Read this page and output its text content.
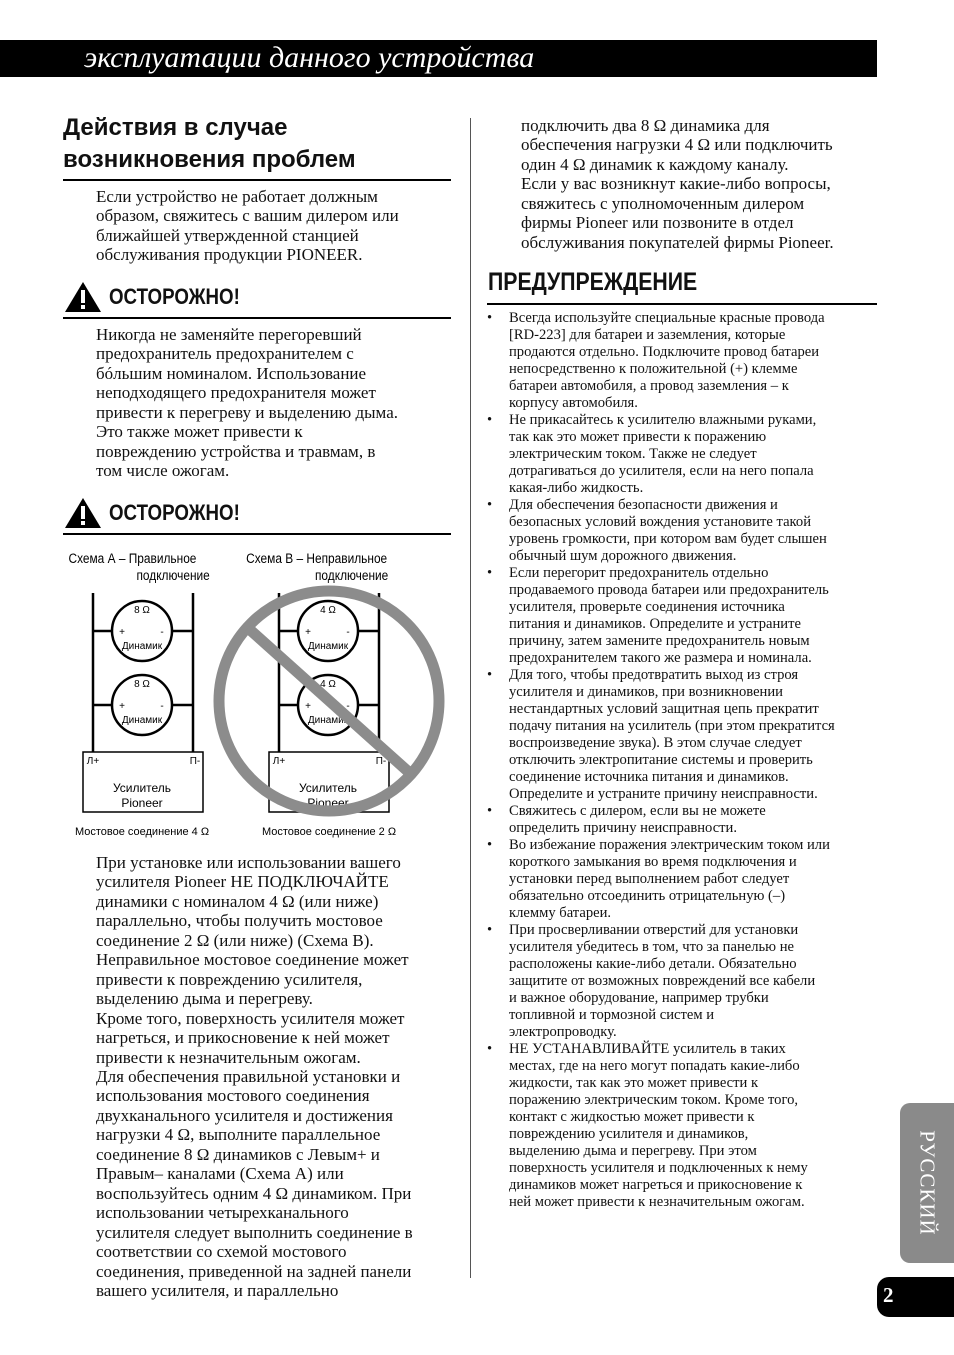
эксплуатации данного устройства
Действия в случае
возникновения проблем
Если устройство не работает должным
образом, свяжитесь с вашим дилером или
ближайшей утвержденной станцией
обслуживания продукции PIONEER.
ОСТОРОЖНО!
Никогда не заменяйте перегоревший
предохранитель предохранителем с
бóльшим номиналом. Использование
неподходящего предохранителя может
привести к перегреву и выделению дыма.
Это также может привести к
повреждению устройства и травмам, в
том числе ожогам.
ОСТОРОЖНО!
Схема А – Правильное
подключение
Схема В – Неправильное
подключение
8 Ω
8 Ω
Динамик
Динамик
+	-
+	-
4 Ω
4 Ω
Динамик
Динамик
+	-
+	-
Л+	П-	Л+	П-
Усилитель
Pioneer
Усилитель
Pioneer
Мостовое соединение 4 Ω	Мостовое соединение 2 Ω
При установке или использовании вашего
усилителя Pioneer НЕ ПОДКЛЮЧАЙТЕ
динамики с номиналом 4 Ω (или ниже)
параллельно, чтобы получить мостовое
соединение 2 Ω (или ниже) (Схема В).
Неправильное мостовое соединение может
привести к повреждению усилителя,
выделению дыма и перегреву.
Кроме того, поверхность усилителя может
нагреться, и прикосновение к ней может
привести к незначительным ожогам.
Для обеспечения правильной установки и
использования мостового соединения
двухканального усилителя и достижения
нагрузки 4 Ω, выполните параллельное
соединение 8 Ω динамиков с Левым+ и
Правым– каналами (Схема А) или
воспользуйтесь одним 4 Ω динамиком. При
использовании четырехканального
усилителя следует выполнить соединение в
соответствии со схемой мостового
соединения, приведенной на задней панели
вашего усилителя, и параллельно
подключить два 8 Ω динамика для
обеспечения нагрузки 4 Ω или подключить
один 4 Ω динамик к каждому каналу.
Если у вас возникнут какие-либо вопросы,
свяжитесь с уполномоченным дилером
фирмы Pioneer или позвоните в отдел
обслуживания покупателей фирмы Pioneer.
ПРЕДУПРЕЖДЕНИЕ
• Всегда используйте специальные красные провода
[RD-223] для батареи и заземления, которые
продаются отдельно. Подключите провод батареи
непосредственно к положительной (+) клемме
батареи автомобиля, а провод заземления – к
корпусу автомобиля.
• Не прикасайтесь к усилителю влажными руками,
так как это может привести к поражению
электрическим током. Также не следует
дотрагиваться до усилителя, если на него попала
какая-либо жидкость.
• Для обеспечения безопасности движения и
безопасных условий вождения установите такой
уровень громкости, при котором вам будет слышен
обычный шум дорожного движения.
• Если перегорит предохранитель отдельно
продаваемого провода батареи или предохранитель
усилителя, проверьте соединения источника
питания и динамиков. Определите и устраните
причину, затем замените предохранитель новым
предохранителем такого же размера и номинала.
• Для того, чтобы предотвратить выход из строя
усилителя и динамиков, при возникновении
нестандартных условий защитная цепь прекратит
подачу питания на усилитель (при этом прекратится
воспроизведение звука). В этом случае следует
отключить электропитание системы и проверить
соединение источника питания и динамиков.
Определите и устраните причину неисправности.
• Свяжитесь с дилером, если вы не можете
определить причину неисправности.
• Во избежание поражения электрическим током или
короткого замыкания во время подключения и
установки перед выполнением работ следует
обязательно отсоединить отрицательную (–)
клемму батареи.
• При просверливании отверстий для установки
усилителя убедитесь в том, что за панелью не
расположены какие-либо детали. Обязательно
защитите от возможных повреждений все кабели
и важное оборудование, например трубки
топливной и тормозной систем и
электропроводку.
• НЕ УСТАНАВЛИВАЙТЕ усилитель в таких
местах, где на него могут попадать какие-либо
жидкости, так как это может привести к
поражению электрическим током. Кроме того,
контакт с жидкостью может привести к
повреждению усилителя и динамиков,
выделению дыма и перегреву. При этом
поверхность усилителя и подключенных к нему
динамиков может нагреться и прикосновение к
ней может привести к незначительным ожогам.	РУССКИЙ
2
